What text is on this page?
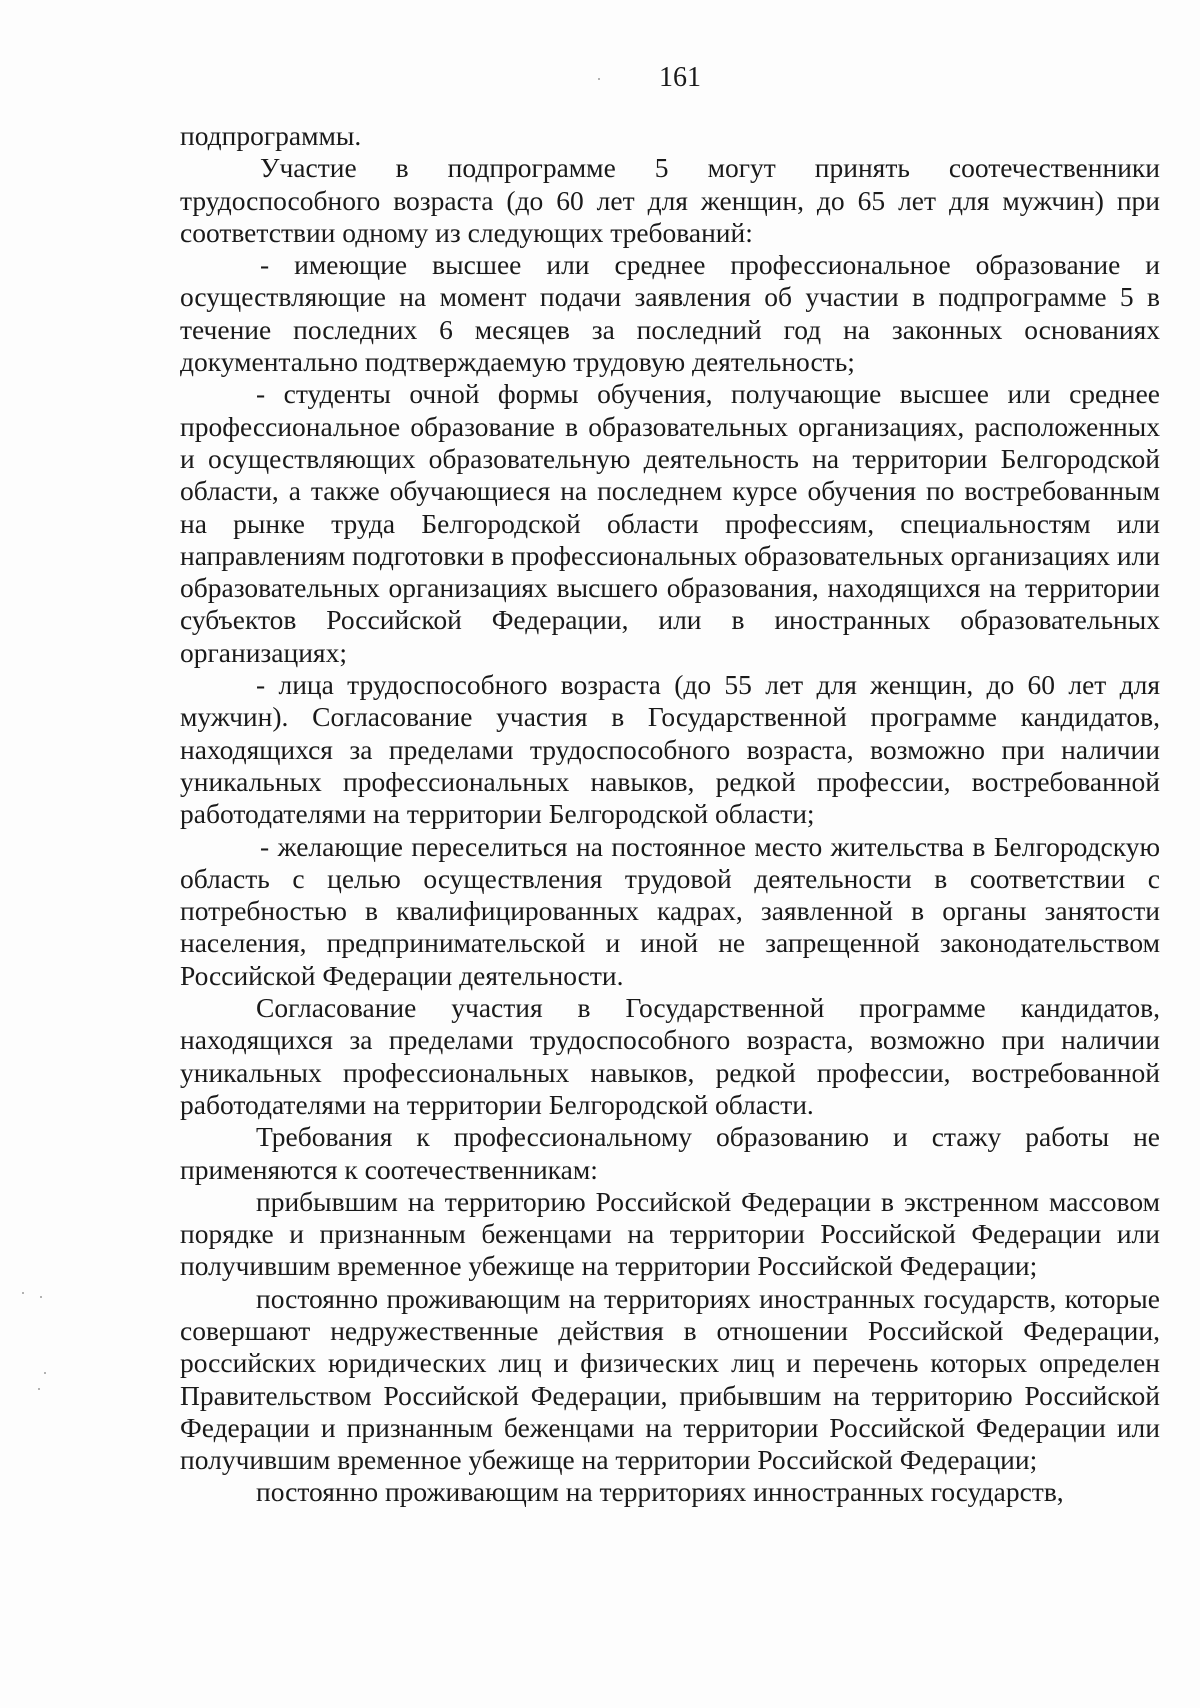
161

подпрограммы.

Участие в подпрограмме 5 могут принять соотечественники трудоспособного возраста (до 60 лет для женщин, до 65 лет для мужчин) при соответствии одному из следующих требований:

- имеющие высшее или среднее профессиональное образование и осуществляющие на момент подачи заявления об участии в подпрограмме 5 в течение последних 6 месяцев за последний год на законных основаниях документально подтверждаемую трудовую деятельность;

- студенты очной формы обучения, получающие высшее или среднее профессиональное образование в образовательных организациях, расположенных и осуществляющих образовательную деятельность на территории Белгородской области, а также обучающиеся на последнем курсе обучения по востребованным на рынке труда Белгородской области профессиям, специальностям или направлениям подготовки в профессиональных образовательных организациях или образовательных организациях высшего образования, находящихся на территории субъектов Российской Федерации, или в иностранных образовательных организациях;

- лица трудоспособного возраста (до 55 лет для женщин, до 60 лет для мужчин). Согласование участия в Государственной программе кандидатов, находящихся за пределами трудоспособного возраста, возможно при наличии уникальных профессиональных навыков, редкой профессии, востребованной работодателями на территории Белгородской области;

- желающие переселиться на постоянное место жительства в Белгородскую область с целью осуществления трудовой деятельности в соответствии с потребностью в квалифицированных кадрах, заявленной в органы занятости населения, предпринимательской и иной не запрещенной законодательством Российской Федерации деятельности.

Согласование участия в Государственной программе кандидатов, находящихся за пределами трудоспособного возраста, возможно при наличии уникальных профессиональных навыков, редкой профессии, востребованной работодателями на территории Белгородской области.

Требования к профессиональному образованию и стажу работы не применяются к соотечественникам:

прибывшим на территорию Российской Федерации в экстренном массовом порядке и признанным беженцами на территории Российской Федерации или получившим временное убежище на территории Российской Федерации;

постоянно проживающим на территориях иностранных государств, которые совершают недружественные действия в отношении Российской Федерации, российских юридических лиц и физических лиц и перечень которых определен Правительством Российской Федерации, прибывшим на территорию Российской Федерации и признанным беженцами на территории Российской Федерации или получившим временное убежище на территории Российской Федерации;

постоянно проживающим на территориях инностранных государств,
